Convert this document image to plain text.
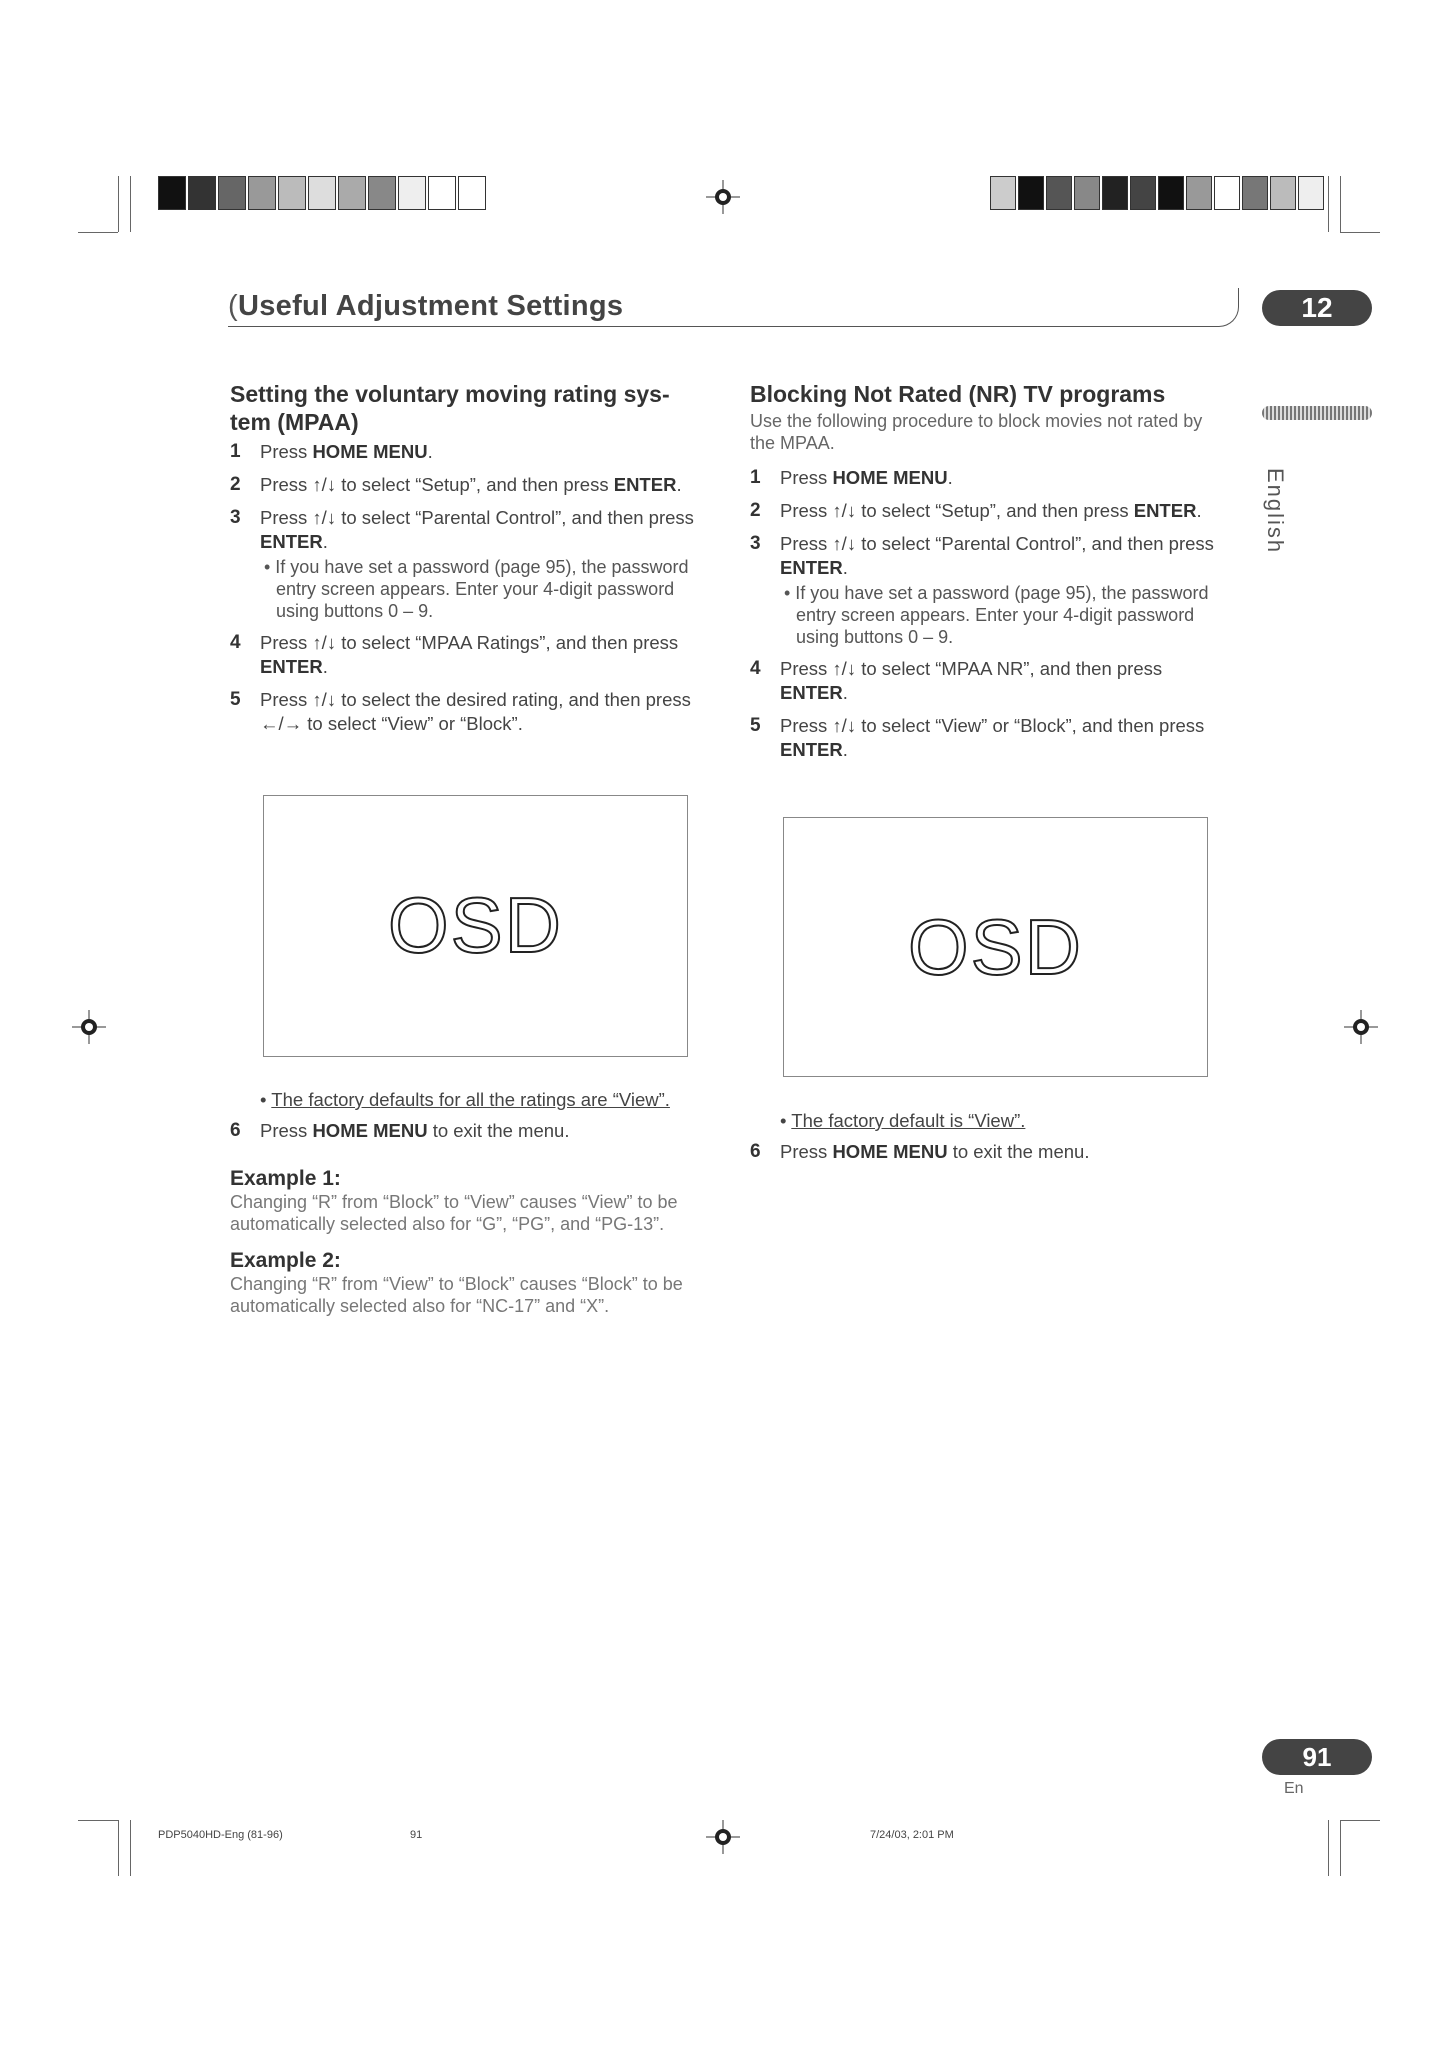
(Useful Adjustment Settings	12
English
Setting the voluntary moving rating sys-tem (MPAA)
1 Press HOME MENU.
2 Press ↑/↓ to select “Setup”, and then press ENTER.
3 Press ↑/↓ to select “Parental Control”, and then press ENTER.
• If you have set a password (page 95), the password entry screen appears. Enter your 4-digit password using buttons 0 – 9.
4 Press ↑/↓ to select “MPAA Ratings”, and then press ENTER.
5 Press ↑/↓ to select the desired rating, and then press ←/→ to select “View” or “Block”.
OSD
• The factory defaults for all the ratings are “View”.
6 Press HOME MENU to exit the menu.
Example 1:
Changing “R” from “Block” to “View” causes “View” to be automatically selected also for “G”, “PG”, and “PG-13”.
Example 2:
Changing “R” from “View” to “Block” causes “Block” to be automatically selected also for “NC-17” and “X”.
Blocking Not Rated (NR) TV programs
Use the following procedure to block movies not rated by the MPAA.
1 Press HOME MENU.
2 Press ↑/↓ to select “Setup”, and then press ENTER.
3 Press ↑/↓ to select “Parental Control”, and then press ENTER.
• If you have set a password (page 95), the password entry screen appears. Enter your 4-digit password using buttons 0 – 9.
4 Press ↑/↓ to select “MPAA NR”, and then press ENTER.
5 Press ↑/↓ to select “View” or “Block”, and then press ENTER.
OSD
• The factory default is “View”.
6 Press HOME MENU to exit the menu.
91
En
PDP5040HD-Eng (81-96)	91	7/24/03, 2:01 PM
